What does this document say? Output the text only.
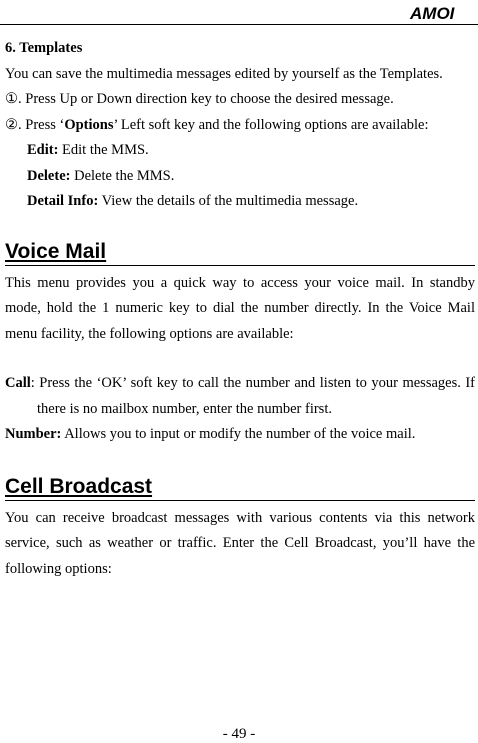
AMOI

6. Templates

You can save the multimedia messages edited by yourself as the Templates.

①. Press Up or Down direction key to choose the desired message.

②. Press ‘Options’ Left soft key and the following options are available:

Edit: Edit the MMS.

Delete: Delete the MMS.

Detail Info: View the details of the multimedia message.

Voice Mail

This menu provides you a quick way to access your voice mail. In standby mode, hold the 1 numeric key to dial the number directly. In the Voice Mail menu facility, the following options are available:

Call: Press the ‘OK’ soft key to call the number and listen to your messages. If there is no mailbox number, enter the number first.

Number: Allows you to input or modify the number of the voice mail.

Cell Broadcast

You can receive broadcast messages with various contents via this network service, such as weather or traffic. Enter the Cell Broadcast, you’ll have the following options:

- 49 -
